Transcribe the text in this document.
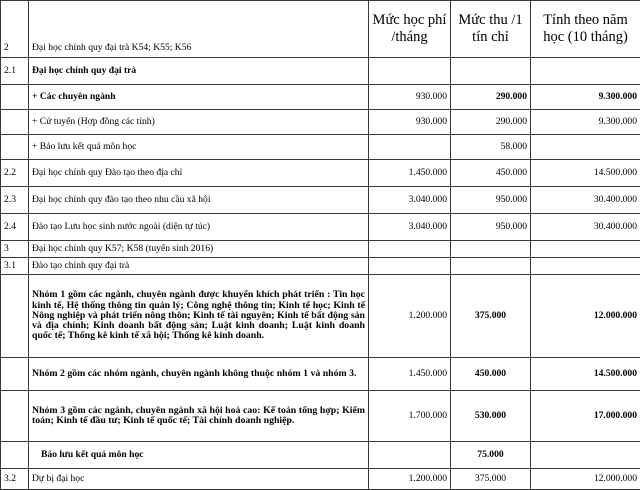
2	Đại học chính quy đại trà K54; K55; K56	Mức học phí /tháng	Mức thu /1 tín chỉ	Tính theo năm học (10 tháng)
2.1	Đại học chính quy đại trà			
	+ Các chuyên ngành	930.000	290.000	9.300.000
	+ Cử tuyển (Hợp đồng các tỉnh)	930.000	290.000	9.300.000
	+ Bảo lưu kết quả môn học		58.000	
2.2	Đại học chính quy Đào tạo theo địa chỉ	1.450.000	450.000	14.500.000
2.3	Đại học chính quy đào tạo theo nhu cầu xã hội	3.040.000	950.000	30.400.000
2.4	Đào tạo Lưu học sinh nước ngoài (diện tự túc)	3.040.000	950.000	30.400.000
3	Đại học chính quy K57; K58 (tuyển sinh 2016)			
3.1	Đào tạo chính quy đại trà			
	Nhóm 1 gồm các ngành, chuyên ngành được khuyến khích phát triển : Tin học kinh tế, Hệ thống thông tin quản lý; Công nghệ thông tin; Kinh tế học; Kinh tế Nông nghiệp và phát triển nông thôn; Kinh tế tài nguyên; Kinh tế bất động sản và địa chính; Kinh doanh bất động sản; Luật kinh doanh; Luật kinh doanh quốc tế; Thống kê kinh tế xã hội; Thống kê kinh doanh.	1.200.000	375.000	12.000.000
	Nhóm 2 gồm các nhóm ngành, chuyên ngành không thuộc nhóm 1 và nhóm 3.	1.450.000	450.000	14.500.000
	Nhóm 3 gồm các ngành, chuyên ngành xã hội hoá cao: Kế toán tổng hợp; Kiểm toán; Kinh tế đầu tư; Kinh tế quốc tế; Tài chính doanh nghiệp.	1.700.000	530.000	17.000.000
	Bảo lưu kết quả môn học		75.000	
3.2	Dự bị đại học	1.200.000	375.000	12.000.000
